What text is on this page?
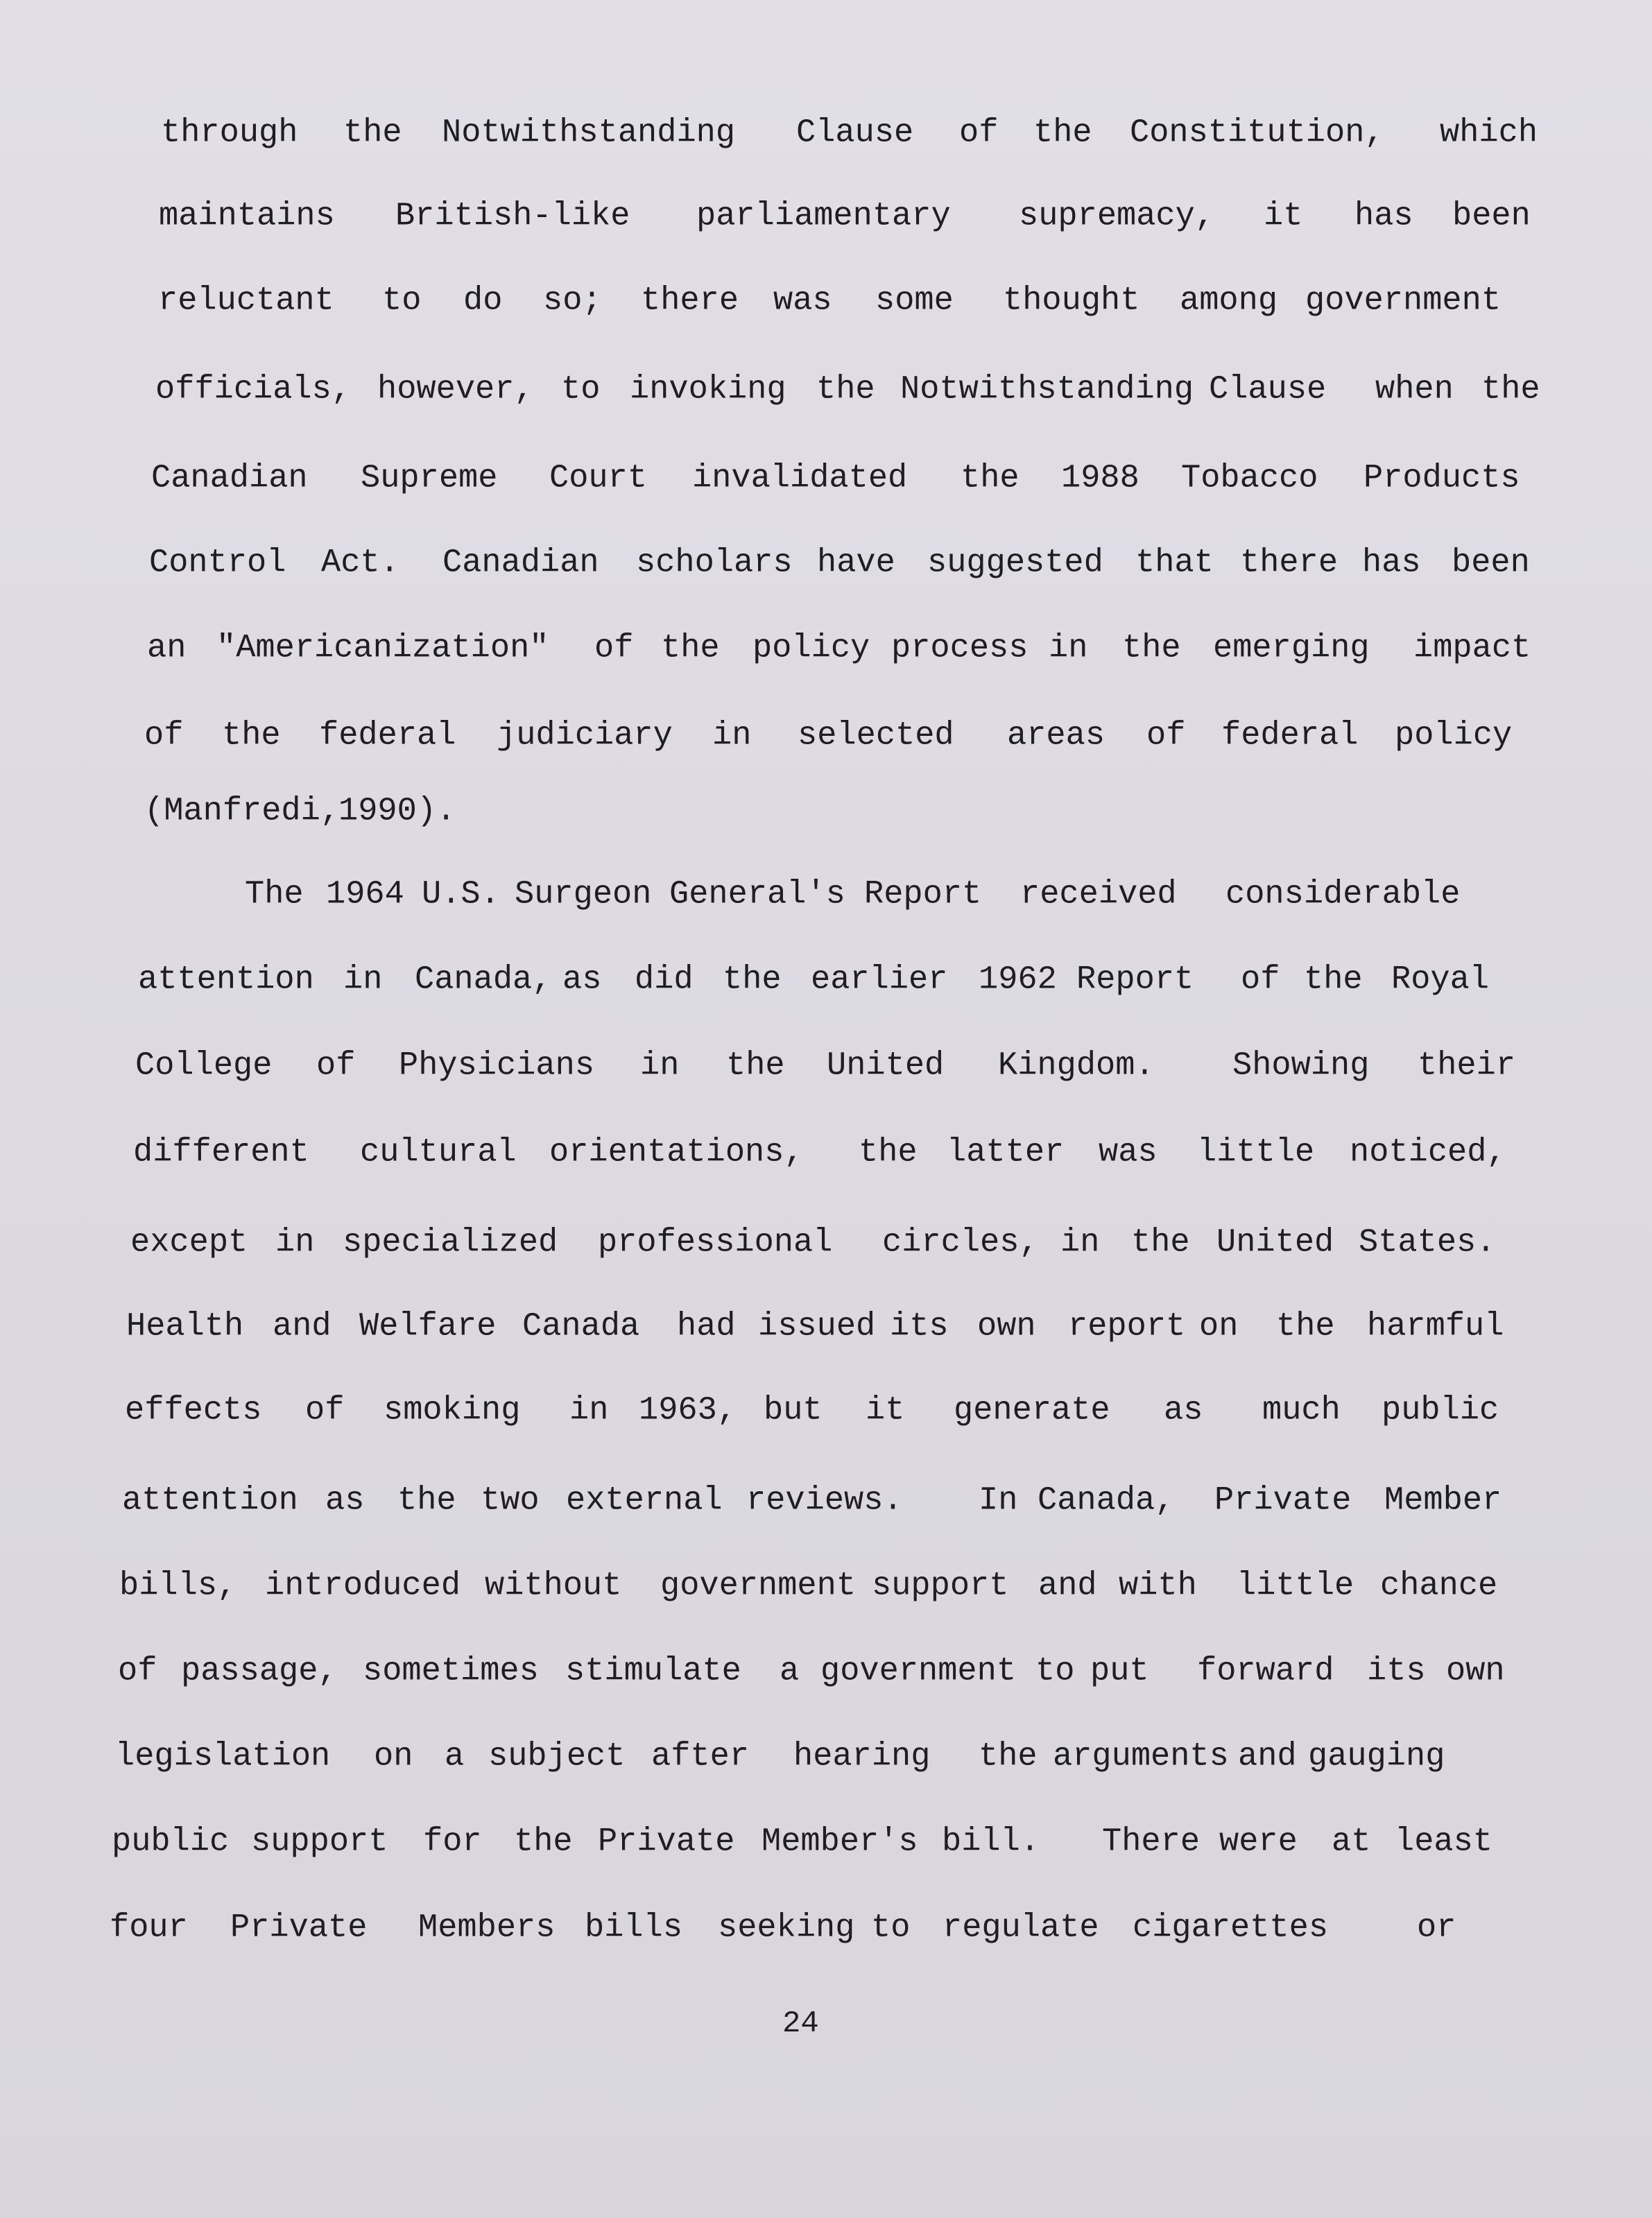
through the Notwithstanding Clause of the Constitution, which
maintains British-like parliamentary supremacy, it has been
reluctant to do so; there was some thought among government
officials, however, to invoking the Notwithstanding Clause when the
Canadian Supreme Court invalidated the 1988 Tobacco Products
Control Act. Canadian scholars have suggested that there has been
an "Americanization" of the policy process in the emerging impact
of the federal judiciary in selected areas of federal policy
(Manfredi,
1990).
The 1964 U.S. Surgeon General's Report received considerable
attention in Canada, as did the earlier 1962 Report of the Royal
College of Physicians in the United Kingdom. Showing their
different cultural orientations, the latter was little noticed,
except in specialized professional circles, in the United States.
Health and Welfare Canada had issued its own report on the harmful
effects of smoking in 1963, but it generate as much public
attention as the two external reviews. In Canada, Private Member
bills, introduced without government support and with little chance
of passage, sometimes stimulate a government to put forward its own
legislation on a subject after hearing the arguments and gauging
public support for the Private Member's bill. There were at least
four Private Members bills seeking to regulate cigarettes	or
24
